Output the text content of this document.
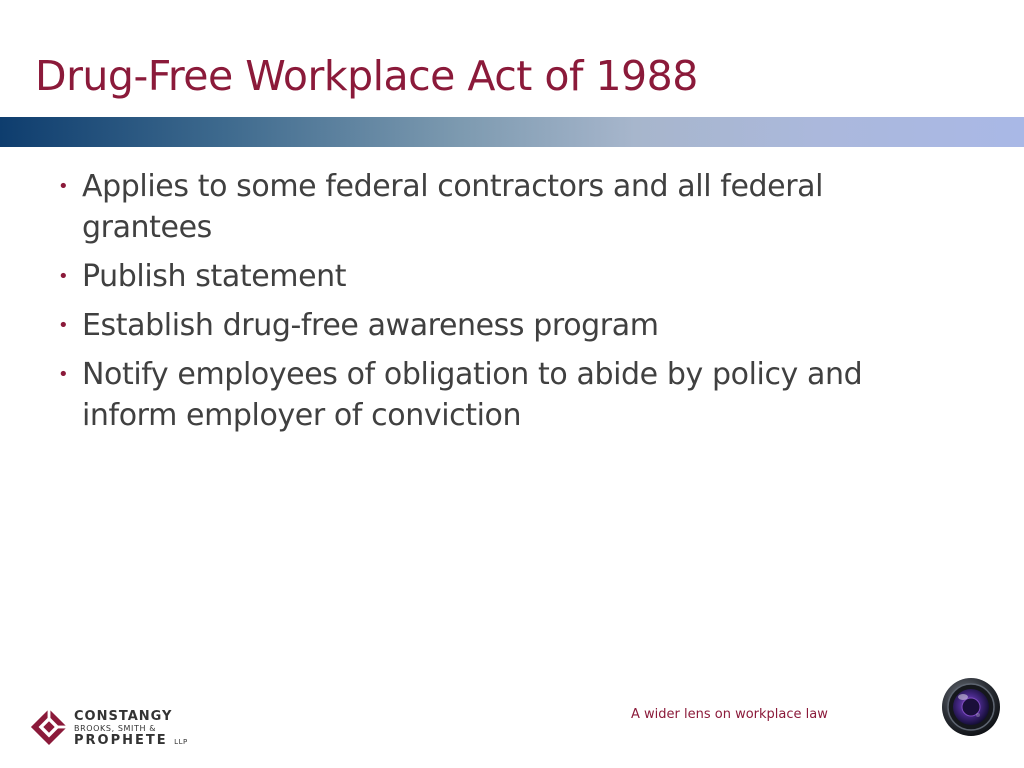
Drug-Free Workplace Act of 1988
• Applies to some federal contractors and all federal grantees
• Publish statement
• Establish drug-free awareness program
• Notify employees of obligation to abide by policy and inform employer of conviction
CONSTANGY
BROOKS, SMITH &
PROPHETE LLP
A wider lens on workplace law
